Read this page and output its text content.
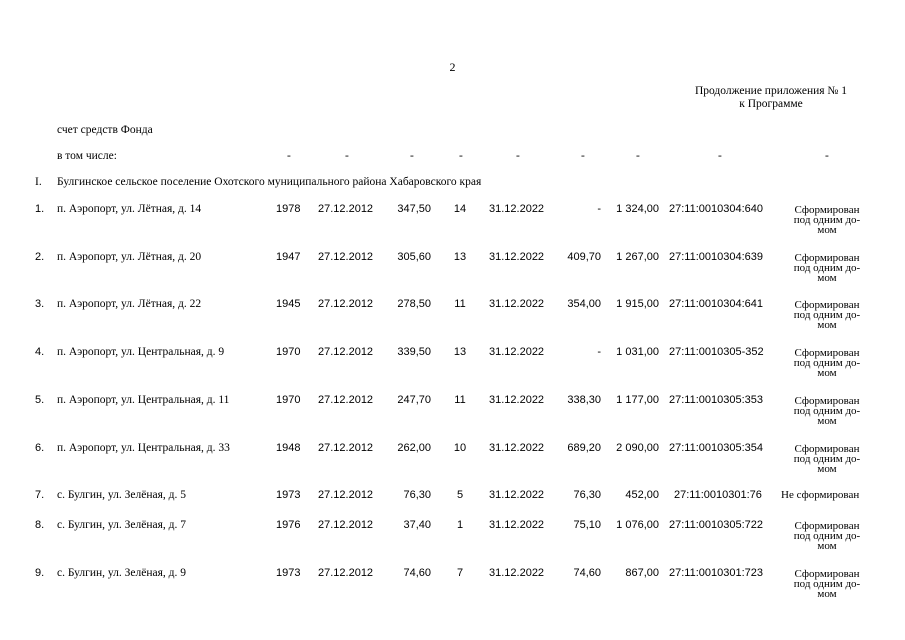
2
Продолжение приложения № 1
к Программе
счет средств Фонда
в том числе:	-	-	-	-	-	-	-	-	-
I. Булгинское сельское поселение Охотского муниципального района Хабаровского края
1. п. Аэропорт, ул. Лётная, д. 14	1978 27.12.2012	347,50	14	31.12.2022	-	1 324,00 27:11:0010304:640	Сформирован
под одним до-
мом
2. п. Аэропорт, ул. Лётная, д. 20	1947 27.12.2012	305,60	13	31.12.2022	409,70	1 267,00 27:11:0010304:639	Сформирован
под одним до-
мом
3. п. Аэропорт, ул. Лётная, д. 22	1945 27.12.2012	278,50	11	31.12.2022	354,00	1 915,00 27:11:0010304:641	Сформирован
под одним до-
мом
4. п. Аэропорт, ул. Центральная, д. 9	1970 27.12.2012	339,50	13	31.12.2022	-	1 031,00 27:11:0010305-352	Сформирован
под одним до-
мом
5. п. Аэропорт, ул. Центральная, д. 11	1970 27.12.2012	247,70	11	31.12.2022	338,30	1 177,00 27:11:0010305:353	Сформирован
под одним до-
мом
6. п. Аэропорт, ул. Центральная, д. 33	1948 27.12.2012	262,00	10	31.12.2022	689,20	2 090,00 27:11:0010305:354	Сформирован
под одним до-
мом
7. с. Булгин, ул. Зелёная, д. 5	1973 27.12.2012	76,30	5	31.12.2022	76,30	452,00 27:11:0010301:76 Не сформирован
8. с. Булгин, ул. Зелёная, д. 7	1976 27.12.2012	37,40	1	31.12.2022	75,10	1 076,00 27:11:0010305:722	Сформирован
под одним до-
мом
9. с. Булгин, ул. Зелёная, д. 9	1973 27.12.2012	74,60	7	31.12.2022	74,60	867,00 27:11:0010301:723	Сформирован
под одним до-
мом
